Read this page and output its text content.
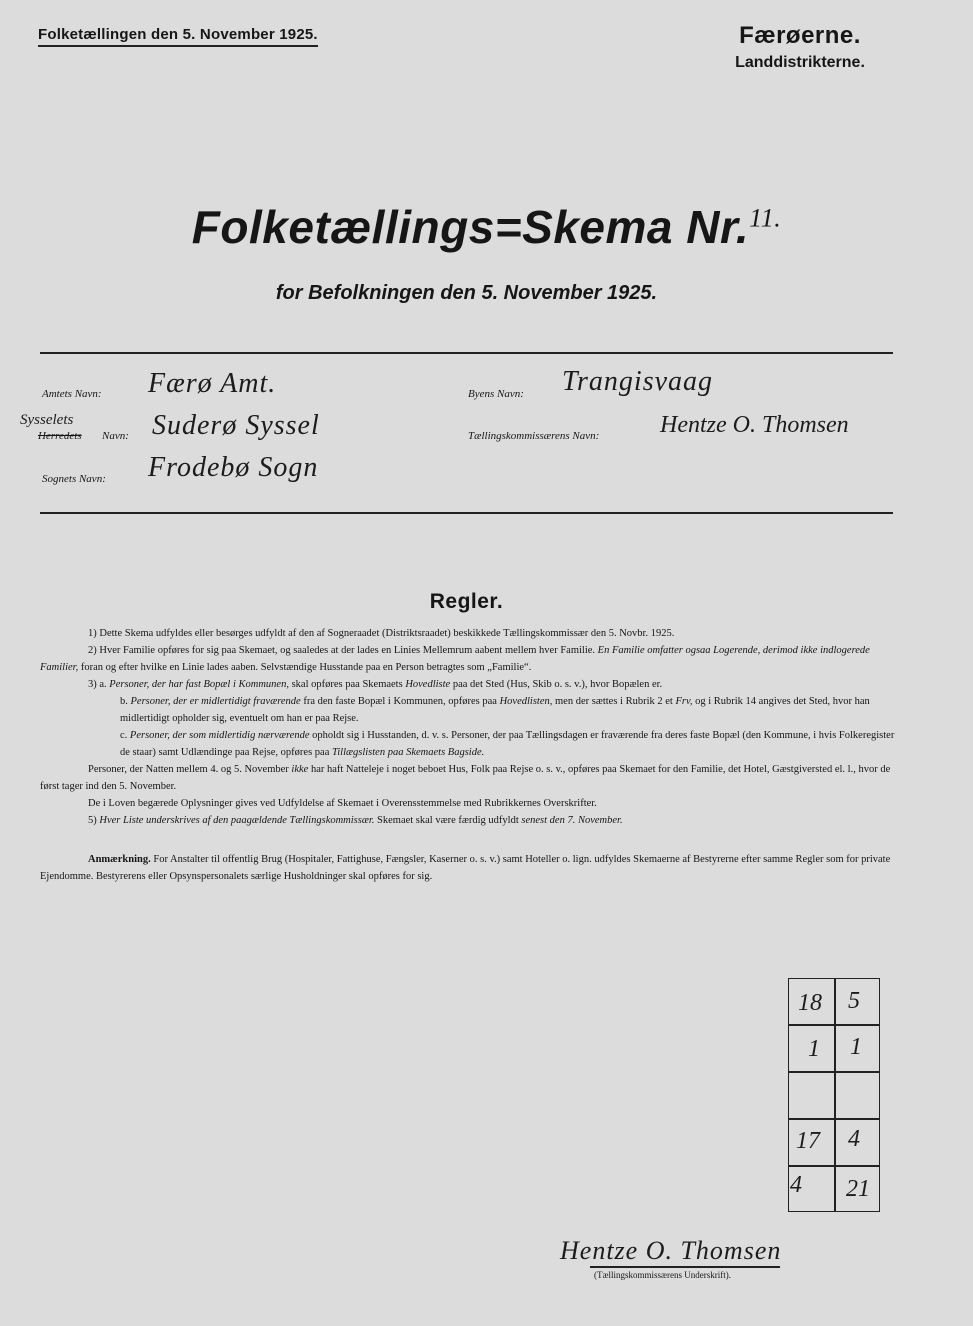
Folketællingen den 5. November 1925.	Færøerne.
Landdistrikterne.
Folketællings=Skema Nr.$^{11.}$
for Befolkningen den 5. November 1925.
Amtets Navn: Færø Amt.
Sysselets
Herredets Navn: Suderø Syssel
Sognets Navn: Frodebø Sogn
Byens Navn: Trangisvaag
Tællingskommissærens Navn:	Hentze O. Thomsen
Regler.

1) Dette Skema udfyldes eller besørges udfyldt af den af Sogneraadet (Distriktsraadet) beskikkede Tællingskommissær den 5. Novbr. 1925.

2) Hver Familie opføres for sig paa Skemaet, og saaledes at der lades en Linies Mellemrum aabent mellem hver Familie. En Familie omfatter ogsaa Logerende, derimod ikke indlogerede Familier, foran og efter hvilke en Linie lades aaben. Selvstændige Husstande paa en Person betragtes som „Familie“.

3) a. Personer, der har fast Bopæl i Kommunen, skal opføres paa Skemaets Hovedliste paa det Sted (Hus, Skib o. s. v.), hvor Bopælen er.

b. Personer, der er midlertidigt fraværende fra den faste Bopæl i Kommunen, opføres paa Hovedlisten, men der sættes i Rubrik 2 et Frv, og i Rubrik 14 angives det Sted, hvor han midlertidigt opholder sig, eventuelt om han er paa Rejse.

c. Personer, der som midlertidig nærværende opholdt sig i Husstanden, d. v. s. Personer, der paa Tællingsdagen er fraværende fra deres faste Bopæl (den Kommune, i hvis Folkeregister de staar) samt Udlændinge paa Rejse, opføres paa Tillægslisten paa Skemaets Bagside.

Personer, der Natten mellem 4. og 5. November ikke har haft Natteleje i noget beboet Hus, Folk paa Rejse o. s. v., opføres paa Skemaet for den Familie, det Hotel, Gæstgiversted el. l., hvor de først tager ind den 5. November.

De i Loven begærede Oplysninger gives ved Udfyldelse af Skemaet i Overensstemmelse med Rubrikkernes Overskrifter.

5) Hver Liste underskrives af den paagældende Tællingskommissær. Skemaet skal være færdig udfyldt senest den 7. November.

Anmærkning. For Anstalter til offentlig Brug (Hospitaler, Fattighuse, Fængsler, Kaserner o. s. v.) samt Hoteller o. lign. udfyldes Skemaerne af Bestyrerne efter samme Regler som for private Ejendomme. Bestyrerens eller Opsynspersonalets særlige Husholdninger skal opføres for sig.

18 5
1 1
17 4
4 21
Hentze O. Thomsen
(Tællingskommissærens Underskrift).
